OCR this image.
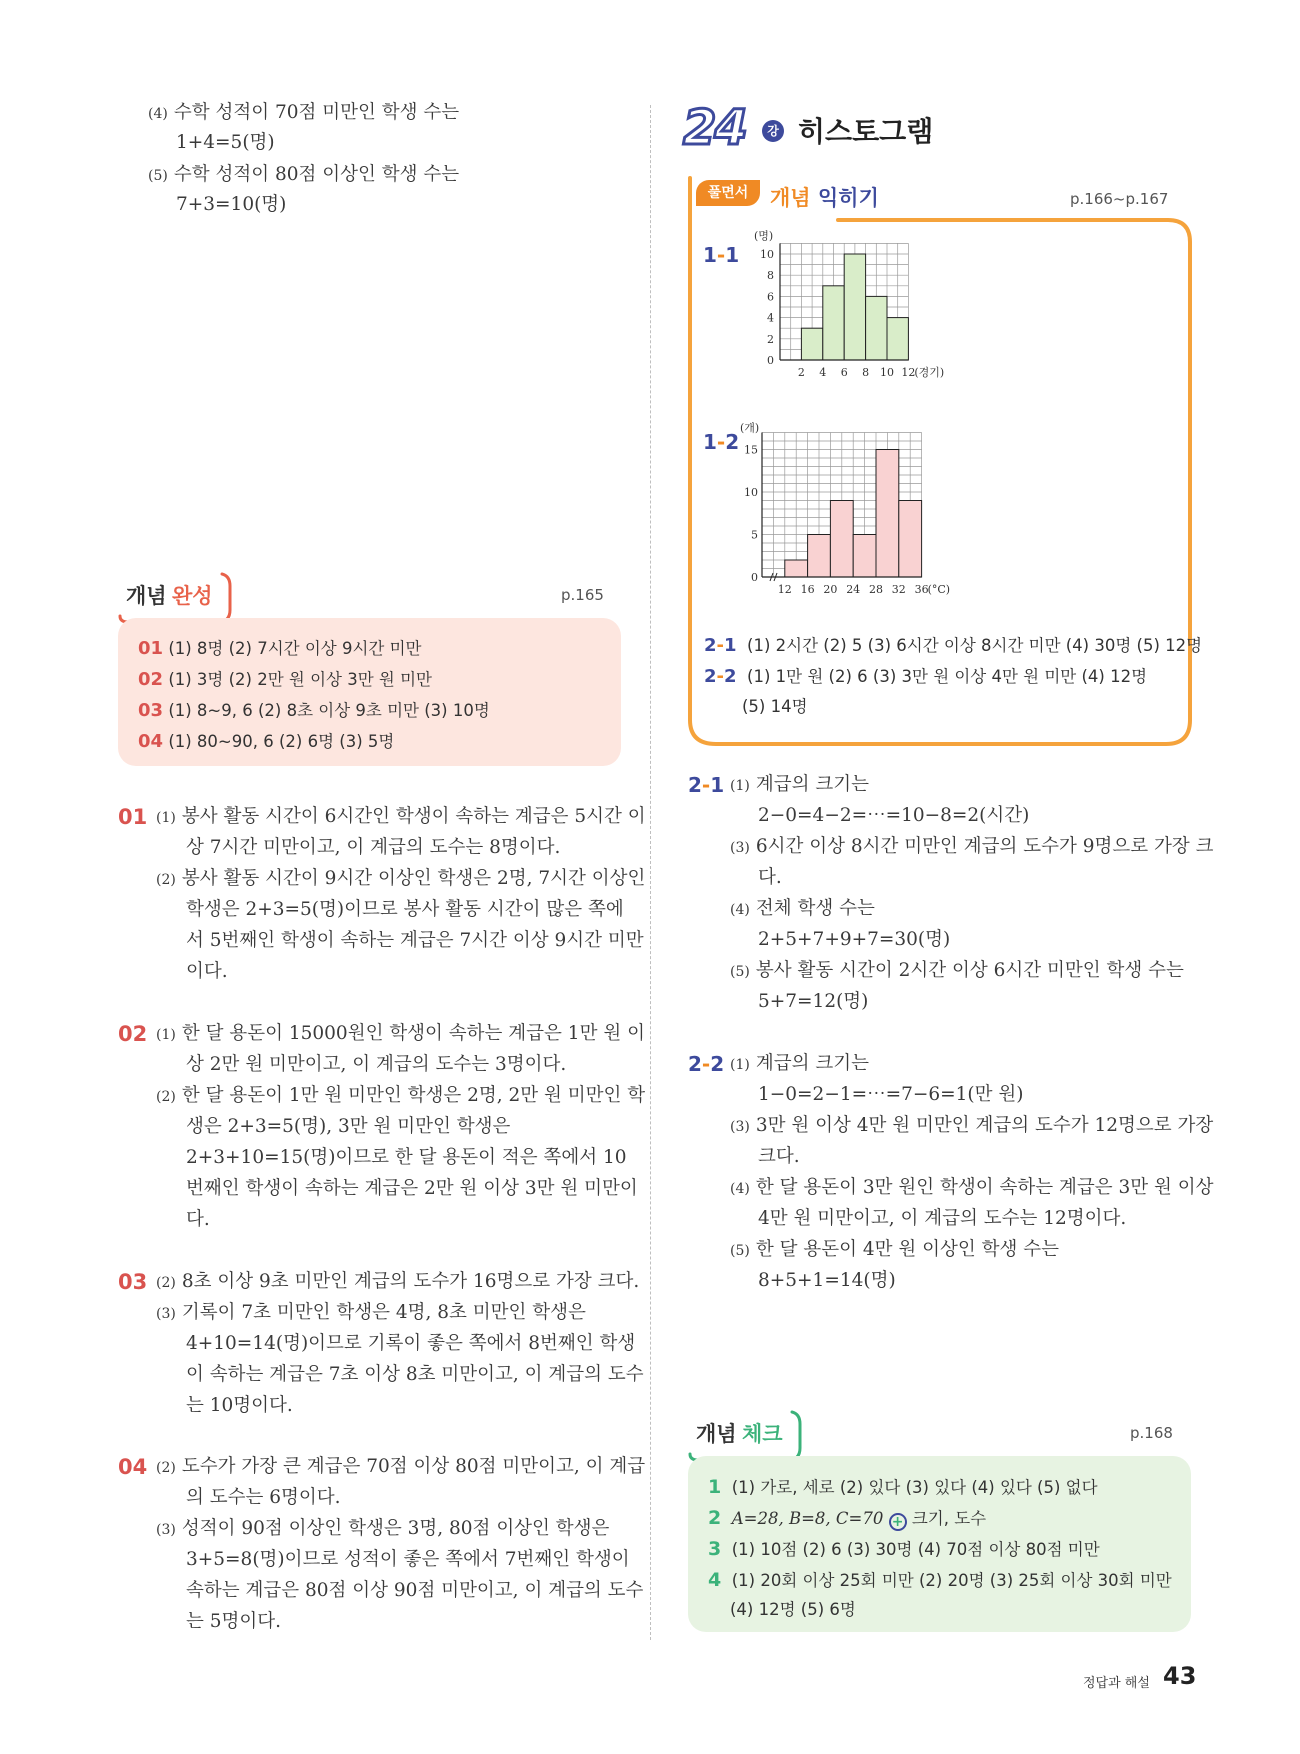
(4) 수학 성적이 70점 미만인 학생 수는
1+4=5(명)
(5) 수학 성적이 80점 이상인 학생 수는
7+3=10(명)
개념 완성	p.165
01 (1) 8명 (2) 7시간 이상 9시간 미만
02 (1) 3명 (2) 2만 원 이상 3만 원 미만
03 (1) 8~9, 6 (2) 8초 이상 9초 미만 (3) 10명
04 (1) 80~90, 6 (2) 6명 (3) 5명
01 (1) 봉사 활동 시간이 6시간인 학생이 속하는 계급은 5시간 이
상 7시간 미만이고, 이 계급의 도수는 8명이다.
(2) 봉사 활동 시간이 9시간 이상인 학생은 2명, 7시간 이상인
학생은 2+3=5(명)이므로 봉사 활동 시간이 많은 쪽에
서 5번째인 학생이 속하는 계급은 7시간 이상 9시간 미만
이다.
02 (1) 한 달 용돈이 15000원인 학생이 속하는 계급은 1만 원 이
상 2만 원 미만이고, 이 계급의 도수는 3명이다.
(2) 한 달 용돈이 1만 원 미만인 학생은 2명, 2만 원 미만인 학
생은 2+3=5(명), 3만 원 미만인 학생은
2+3+10=15(명)이므로 한 달 용돈이 적은 쪽에서 10
번째인 학생이 속하는 계급은 2만 원 이상 3만 원 미만이
다.
03 (2) 8초 이상 9초 미만인 계급의 도수가 16명으로 가장 크다.
(3) 기록이 7초 미만인 학생은 4명, 8초 미만인 학생은
4+10=14(명)이므로 기록이 좋은 쪽에서 8번째인 학생
이 속하는 계급은 7초 이상 8초 미만이고, 이 계급의 도수
는 10명이다.
04 (2) 도수가 가장 큰 계급은 70점 이상 80점 미만이고, 이 계급
의 도수는 6명이다.
(3) 성적이 90점 이상인 학생은 3명, 80점 이상인 학생은
3+5=8(명)이므로 성적이 좋은 쪽에서 7번째인 학생이
속하는 계급은 80점 이상 90점 미만이고, 이 계급의 도수
는 5명이다.
24	강 히스토그램
풀면서	개념 익히기	p.166~p.167
1-1
1-2
0
2
4
6
8
10
2 4 6 8 10 12
(명)
(경기)
0
5
10
15
12 16 20 24 28 32 36
(개)
(°C)
2-1 (1) 2시간 (2) 5 (3) 6시간 이상 8시간 미만 (4) 30명 (5) 12명
2-2 (1) 1만 원 (2) 6 (3) 3만 원 이상 4만 원 미만 (4) 12명
(5) 14명
2-1 (1) 계급의 크기는
2−0=4−2=⋯=10−8=2(시간)
(3) 6시간 이상 8시간 미만인 계급의 도수가 9명으로 가장 크
다.
(4) 전체 학생 수는
2+5+7+9+7=30(명)
(5) 봉사 활동 시간이 2시간 이상 6시간 미만인 학생 수는
5+7=12(명)
2-2 (1) 계급의 크기는
1−0=2−1=⋯=7−6=1(만 원)
(3) 3만 원 이상 4만 원 미만인 계급의 도수가 12명으로 가장
크다.
(4) 한 달 용돈이 3만 원인 학생이 속하는 계급은 3만 원 이상
4만 원 미만이고, 이 계급의 도수는 12명이다.
(5) 한 달 용돈이 4만 원 이상인 학생 수는
8+5+1=14(명)
개념 체크	p.168
1 (1) 가로, 세로 (2) 있다 (3) 있다 (4) 있다 (5) 없다
2 A=28, B=8, C=70 + 크기, 도수
3 (1) 10점 (2) 6 (3) 30명 (4) 70점 이상 80점 미만
4 (1) 20회 이상 25회 미만 (2) 20명 (3) 25회 이상 30회 미만
(4) 12명 (5) 6명
정답과 해설 43
